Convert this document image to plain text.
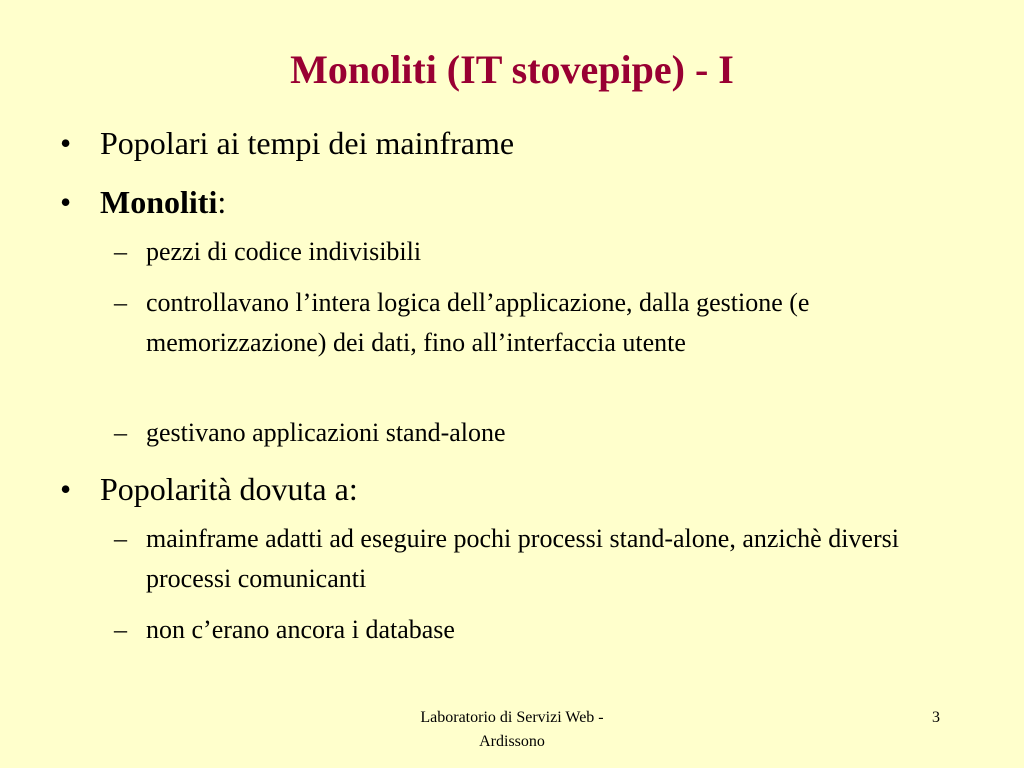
Monoliti (IT stovepipe) - I
• Popolari ai tempi dei mainframe
• Monoliti:
– pezzi di codice indivisibili
– controllavano l’intera logica dell’applicazione, dalla gestione (e memorizzazione) dei dati, fino all’interfaccia utente
– gestivano applicazioni stand-alone
• Popolarità dovuta a:
– mainframe adatti ad eseguire pochi processi stand-alone, anzichè diversi processi comunicanti
– non c’erano ancora i database
Laboratorio di Servizi Web -
Ardissono
3
